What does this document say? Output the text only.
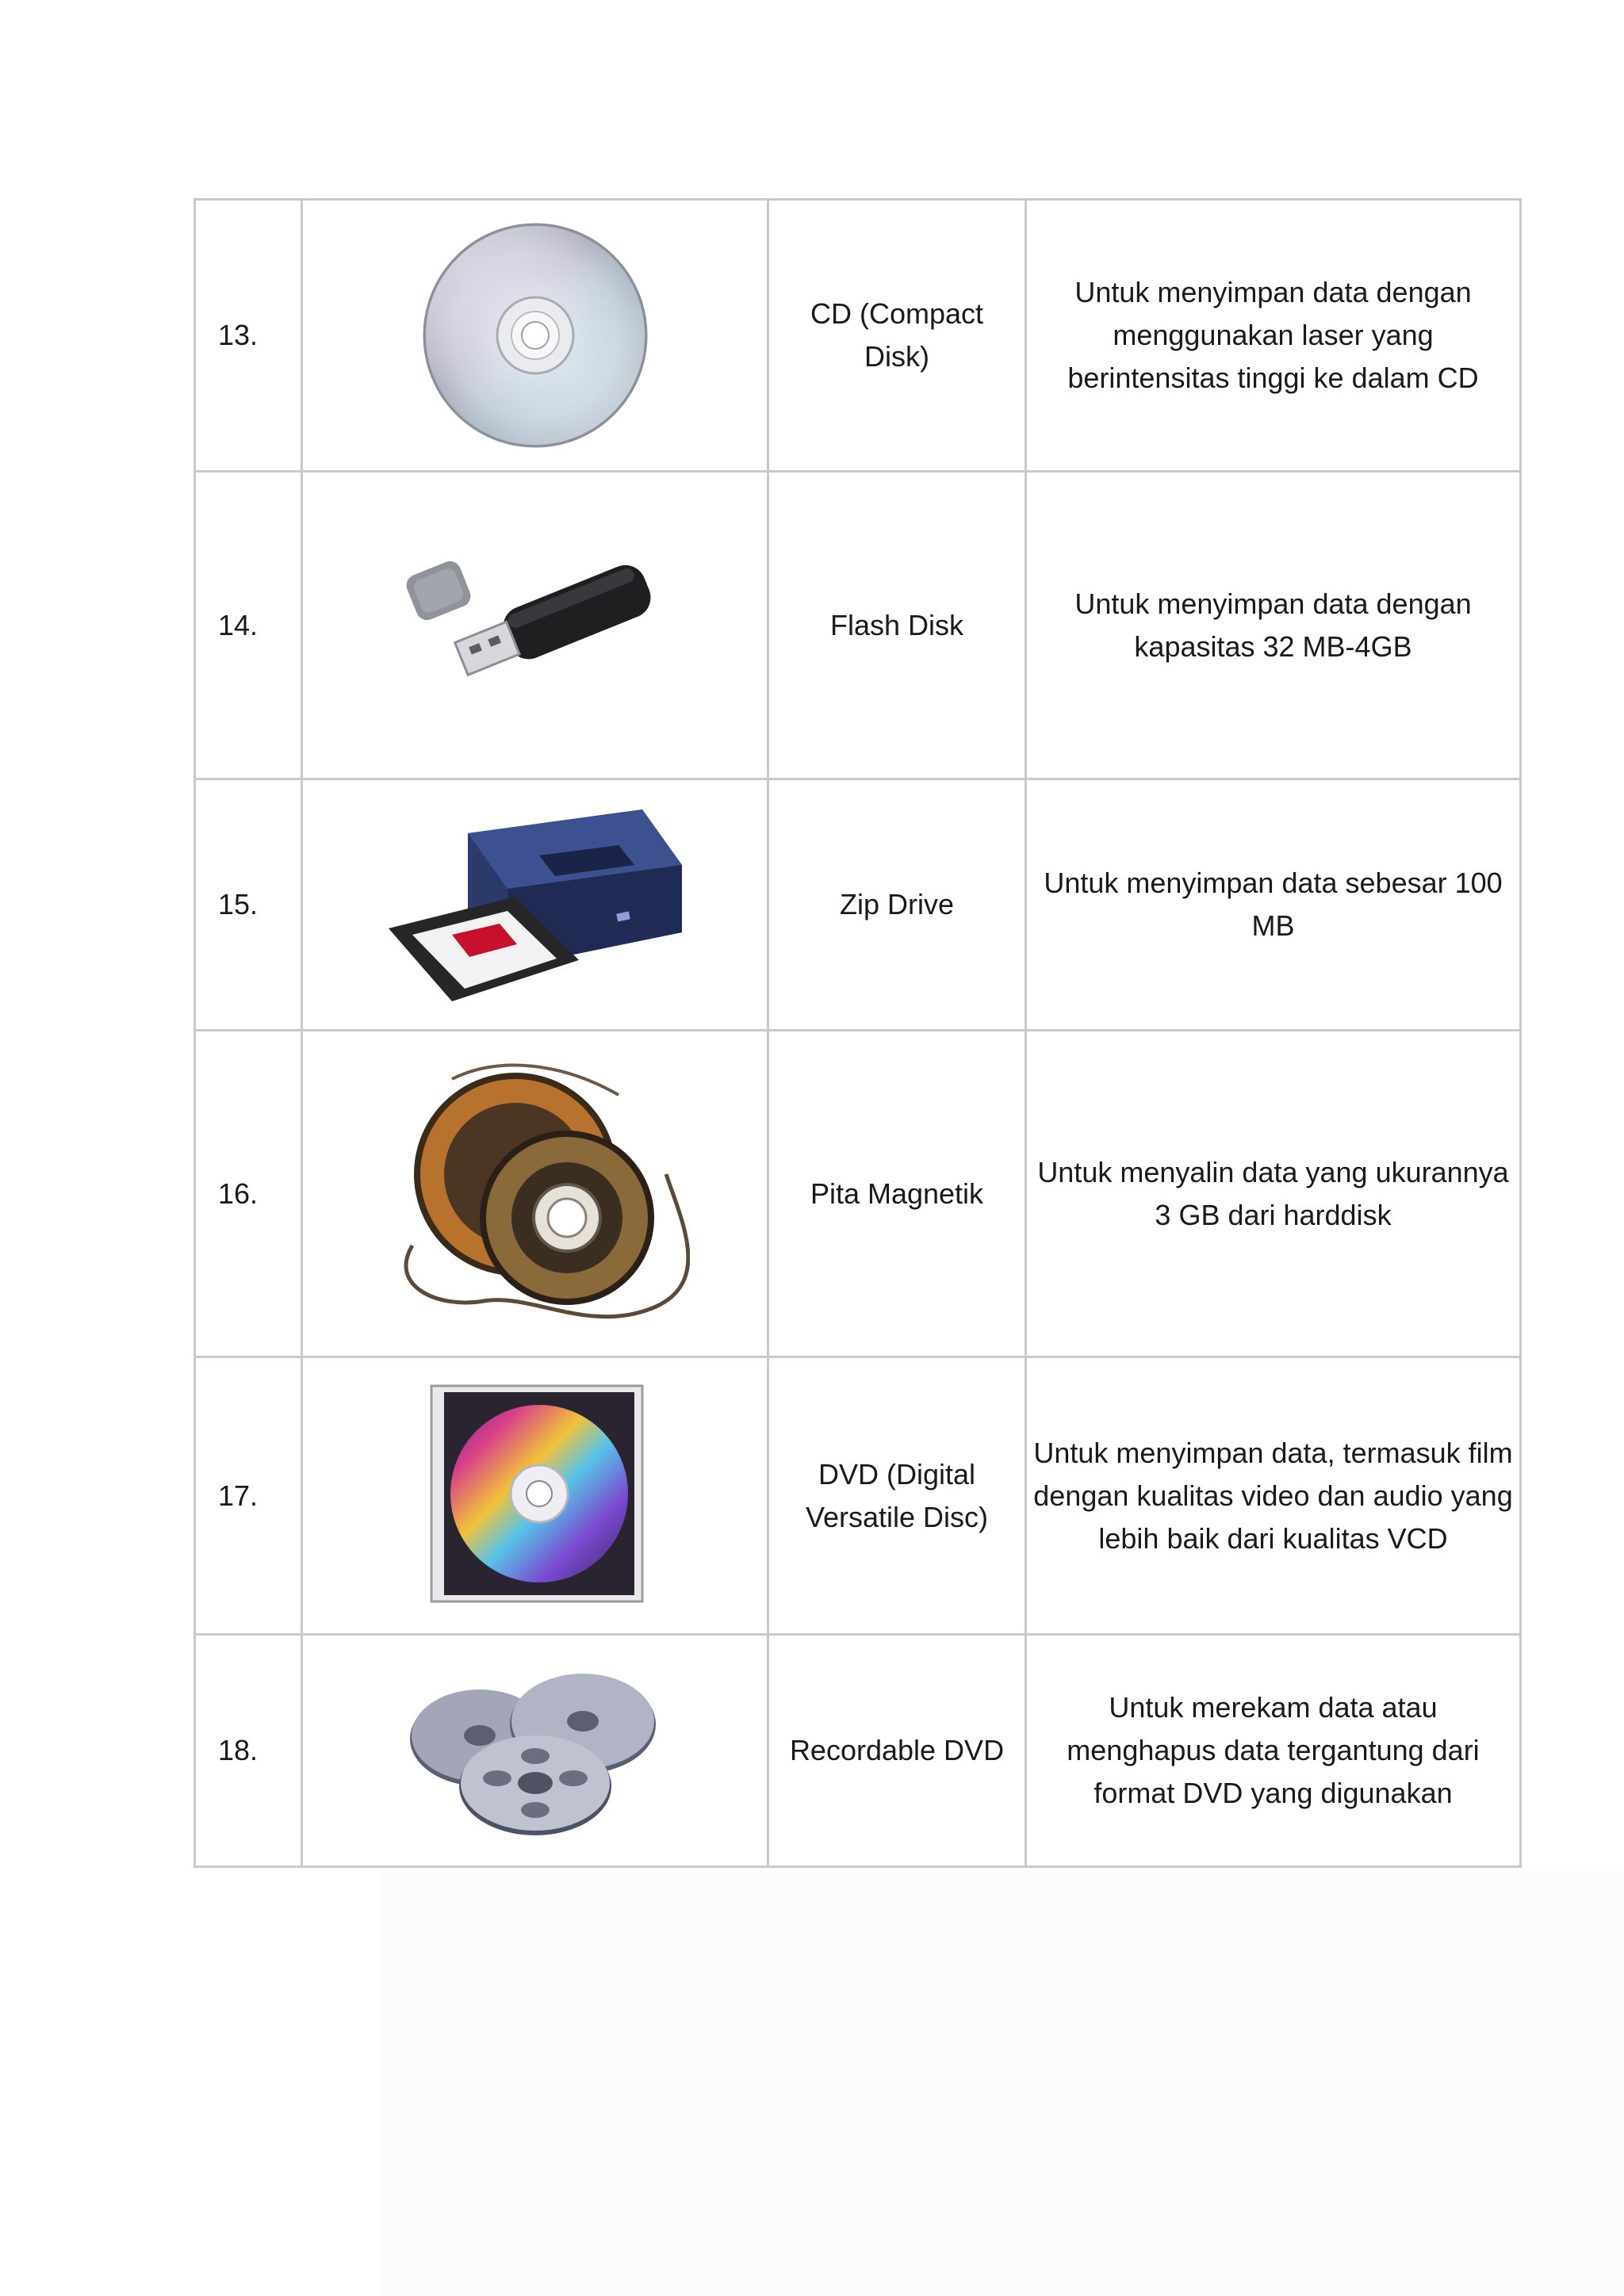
13.		CD (Compact Disk)	Untuk menyimpan data dengan menggunakan laser yang berintensitas tinggi ke dalam CD
14.		Flash Disk	Untuk menyimpan data dengan kapasitas 32 MB-4GB
15.		Zip Drive	Untuk menyimpan data sebesar 100 MB
16.		Pita Magnetik	Untuk menyalin data yang ukurannya 3 GB dari harddisk
17.		DVD (Digital Versatile Disc)	Untuk menyimpan data, termasuk film dengan kualitas video dan audio yang lebih baik dari kualitas VCD
18.		Recordable DVD	Untuk merekam data atau menghapus data tergantung dari format DVD yang digunakan
